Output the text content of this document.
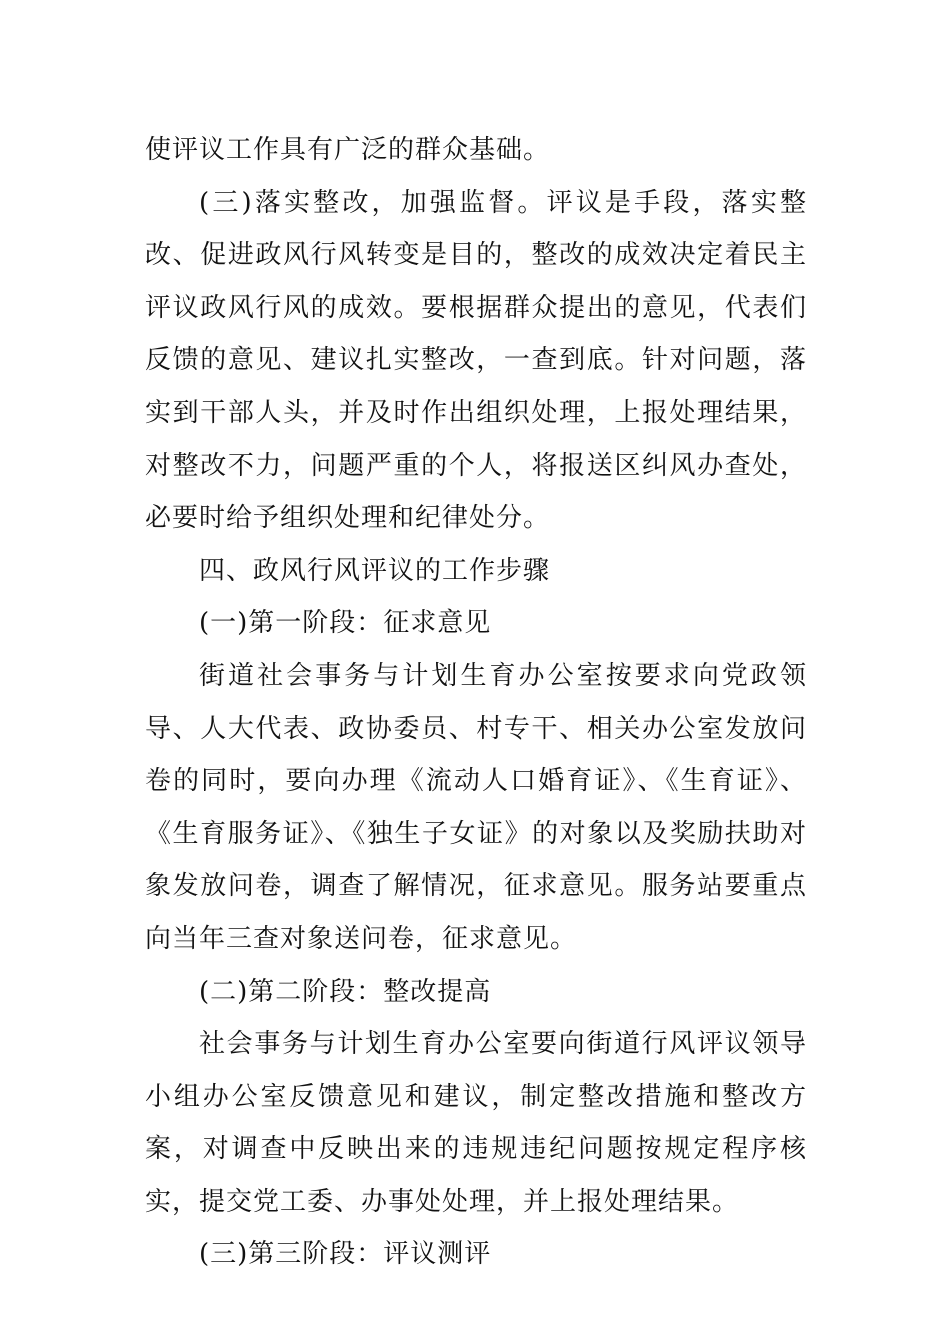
使评议工作具有广泛的群众基础。

(三)落实整改，加强监督。评议是手段，落实整改、促进政风行风转变是目的，整改的成效决定着民主评议政风行风的成效。要根据群众提出的意见，代表们反馈的意见、建议扎实整改，一查到底。针对问题，落实到干部人头，并及时作出组织处理，上报处理结果，对整改不力，问题严重的个人，将报送区纠风办查处，必要时给予组织处理和纪律处分。

四、政风行风评议的工作步骤

(一)第一阶段：征求意见

街道社会事务与计划生育办公室按要求向党政领导、人大代表、政协委员、村专干、相关办公室发放问卷的同时，要向办理《流动人口婚育证》、《生育证》、《生育服务证》、《独生子女证》的对象以及奖励扶助对象发放问卷，调查了解情况，征求意见。服务站要重点向当年三查对象送问卷，征求意见。

(二)第二阶段：整改提高

社会事务与计划生育办公室要向街道行风评议领导小组办公室反馈意见和建议，制定整改措施和整改方案，对调查中反映出来的违规违纪问题按规定程序核实，提交党工委、办事处处理，并上报处理结果。

(三)第三阶段：评议测评
